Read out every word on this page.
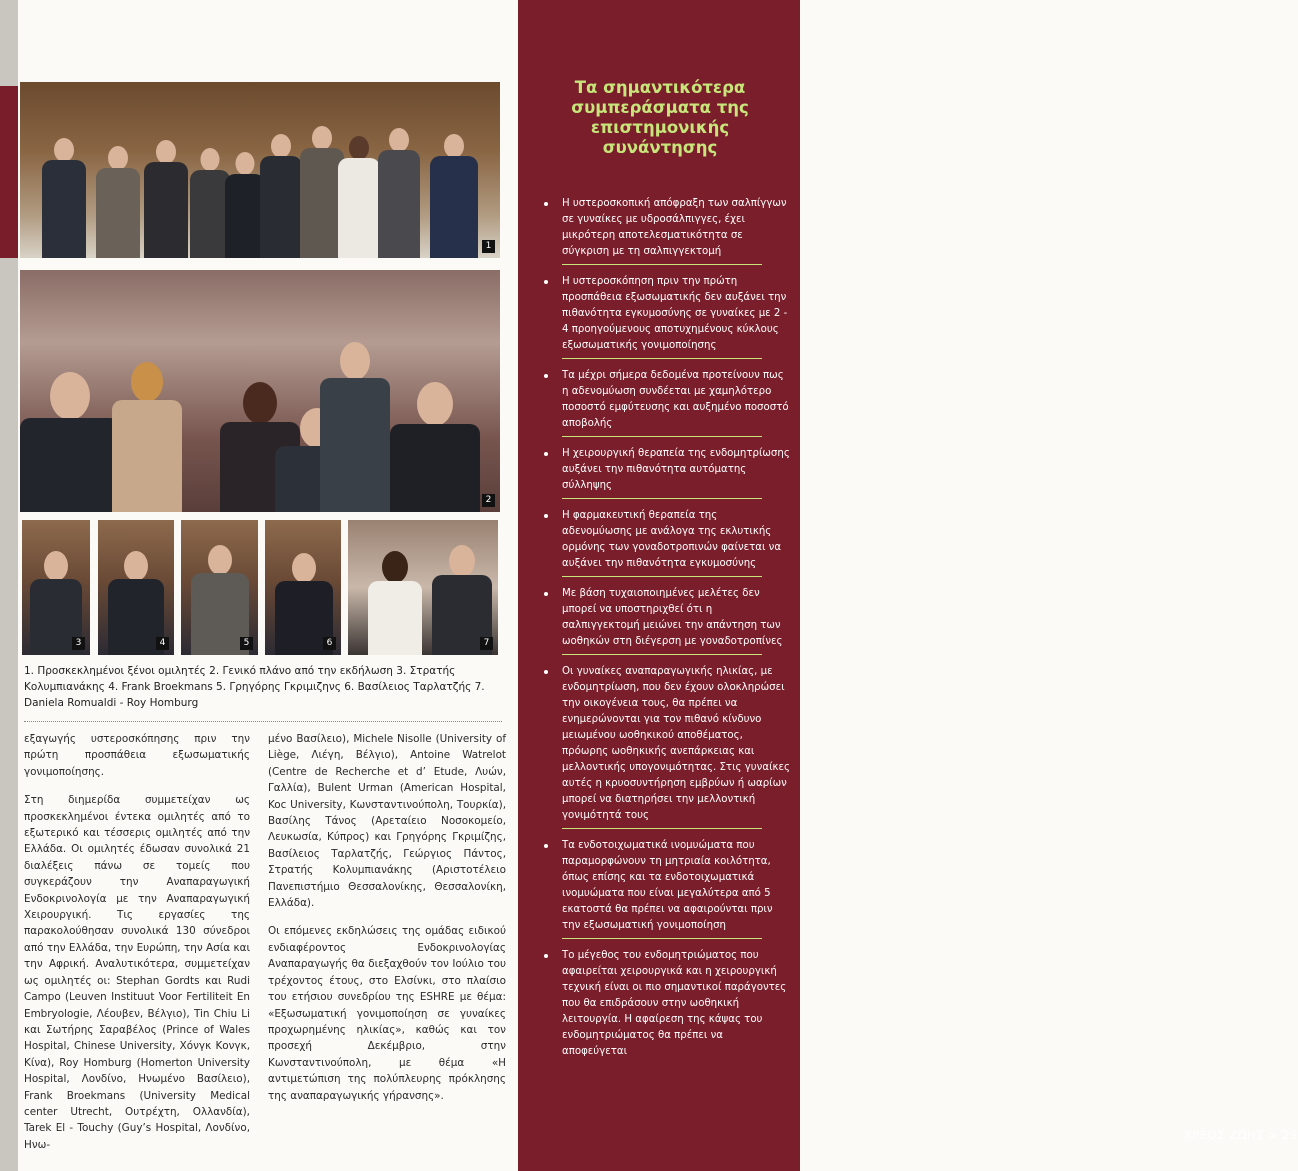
1
2
3	4	5	6	7
1. Προσκεκλημένοι ξένοι ομιλητές 2. Γενικό πλάνο από την εκδήλωση 3. Στρατής Κολυμπιανάκης 4. Frank Broekmans 5. Γρηγόρης Γκριμιζηνς 6. Βασίλειος Ταρλατζής 7. Daniela Romualdi - Roy Homburg

εξαγωγής υστεροσκόπησης πριν την πρώτη προσπάθεια εξωσωματικής γονιμοποίησης.

Στη διημερίδα συμμετείχαν ως προσκεκλημένοι έντεκα ομιλητές από το εξωτερικό και τέσσερις ομιλητές από την Ελλάδα. Οι ομιλητές έδωσαν συνολικά 21 διαλέξεις πάνω σε τομείς που συγκεράζουν την Αναπαραγωγική Ενδοκρινολογία με την Αναπαραγωγική Χειρουργική. Τις εργασίες της παρακολούθησαν συνολικά 130 σύνεδροι από την Ελλάδα, την Ευρώπη, την Ασία και την Αφρική. Αναλυτικότερα, συμμετείχαν ως ομιλητές οι: Stephan Gordts και Rudi Campo (Leuven Instituut Voor Fertiliteit En Embryologie, Λέουβεν, Βέλγιο), Tin Chiu Li και Σωτήρης Σαραβέλος (Prince of Wales Hospital, Chinese University, Χόνγκ Κονγκ, Κίνα), Roy Homburg (Homerton University Hospital, Λονδίνο, Ηνωμένο Βασίλειο), Frank Broekmans (University Medical center Utrecht, Ουτρέχτη, Ολλανδία), Tarek El - Touchy (Guy’s Hospital, Λονδίνο, Ηνω-

μένο Βασίλειο), Michele Nisolle (University of Liège, Λιέγη, Βέλγιο), Antoine Watrelot (Centre de Recherche et d’ Etude, Λυών, Γαλλία), Bulent Urman (American Hospital, Koc University, Κωνσταντινούπολη, Τουρκία), Βασίλης Τάνος (Αρεταίειο Νοσοκομείο, Λευκωσία, Κύπρος) και Γρηγόρης Γκριμίζης, Βασίλειος Ταρλατζής, Γεώργιος Πάντος, Στρατής Κολυμπιανάκης (Αριστοτέλειο Πανεπιστήμιο Θεσσαλονίκης, Θεσσαλονίκη, Ελλάδα).

Οι επόμενες εκδηλώσεις της ομάδας ειδικού ενδιαφέροντος Ενδοκρινολογίας Αναπαραγωγής θα διεξαχθούν τον Ιούλιο του τρέχοντος έτους, στο Ελσίνκι, στο πλαίσιο του ετήσιου συνεδρίου της ESHRE με θέμα: «Εξωσωματική γονιμοποίηση σε γυναίκες προχωρημένης ηλικίας», καθώς και τον προσεχή Δεκέμβριο, στην Κωνσταντινούπολη, με θέμα «Η αντιμετώπιση της πολύπλευρης πρόκλησης της αναπαραγωγικής γήρανσης».

Τα σημαντικότερα συμπεράσματα της επιστημονικής συνάντησης
Η υστεροσκοπική απόφραξη των σαλπίγγων σε γυναίκες με υδροσάλπιγγες, έχει μικρότερη αποτελεσματικότητα σε σύγκριση με τη σαλπιγγεκτομή
Η υστεροσκόπηση πριν την πρώτη προσπάθεια εξωσωματικής δεν αυξάνει την πιθανότητα εγκυμοσύνης σε γυναίκες με 2 - 4 προηγούμενους αποτυχημένους κύκλους εξωσωματικής γονιμοποίησης
Τα μέχρι σήμερα δεδομένα προτείνουν πως η αδενομύωση συνδέεται με χαμηλότερο ποσοστό εμφύτευσης και αυξημένο ποσοστό αποβολής
Η χειρουργική θεραπεία της ενδομητρίωσης αυξάνει την πιθανότητα αυτόματης σύλληψης
Η φαρμακευτική θεραπεία της αδενομύωσης με ανάλογα της εκλυτικής ορμόνης των γοναδοτροπινών φαίνεται να αυξάνει την πιθανότητα εγκυμοσύνης
Με βάση τυχαιοποιημένες μελέτες δεν μπορεί να υποστηριχθεί ότι η σαλπιγγεκτομή μειώνει την απάντηση των ωοθηκών στη διέγερση με γοναδοτροπίνες
Οι γυναίκες αναπαραγωγικής ηλικίας, με ενδομητρίωση, που δεν έχουν ολοκληρώσει την οικογένεια τους, θα πρέπει να ενημερώνονται για τον πιθανό κίνδυνο μειωμένου ωοθηκικού αποθέματος, πρόωρης ωοθηκικής ανεπάρκειας και μελλοντικής υπογονιμότητας. Στις γυναίκες αυτές η κρυοσυντήρηση εμβρύων ή ωαρίων μπορεί να διατηρήσει την μελλοντική γονιμότητά τους
Τα ενδοτοιχωματικά ινομυώματα που παραμορφώνουν τη μητριαία κοιλότητα, όπως επίσης και τα ενδοτοιχωματικά ινομυώματα που είναι μεγαλύτερα από 5 εκατοστά θα πρέπει να αφαιρούνται πριν την εξωσωματική γονιμοποίηση
Το μέγεθος του ενδομητριώματος που αφαιρείται χειρουργικά και η χειρουργική τεχνική είναι οι πιο σημαντικοί παράγοντες που θα επιδράσουν στην ωοθηκική λειτουργία. Η αφαίρεση της κάψας του ενδομητριώματος θα πρέπει να αποφεύγεται
ΧΡΕΟΣ ΖΩΗΣ > 29
